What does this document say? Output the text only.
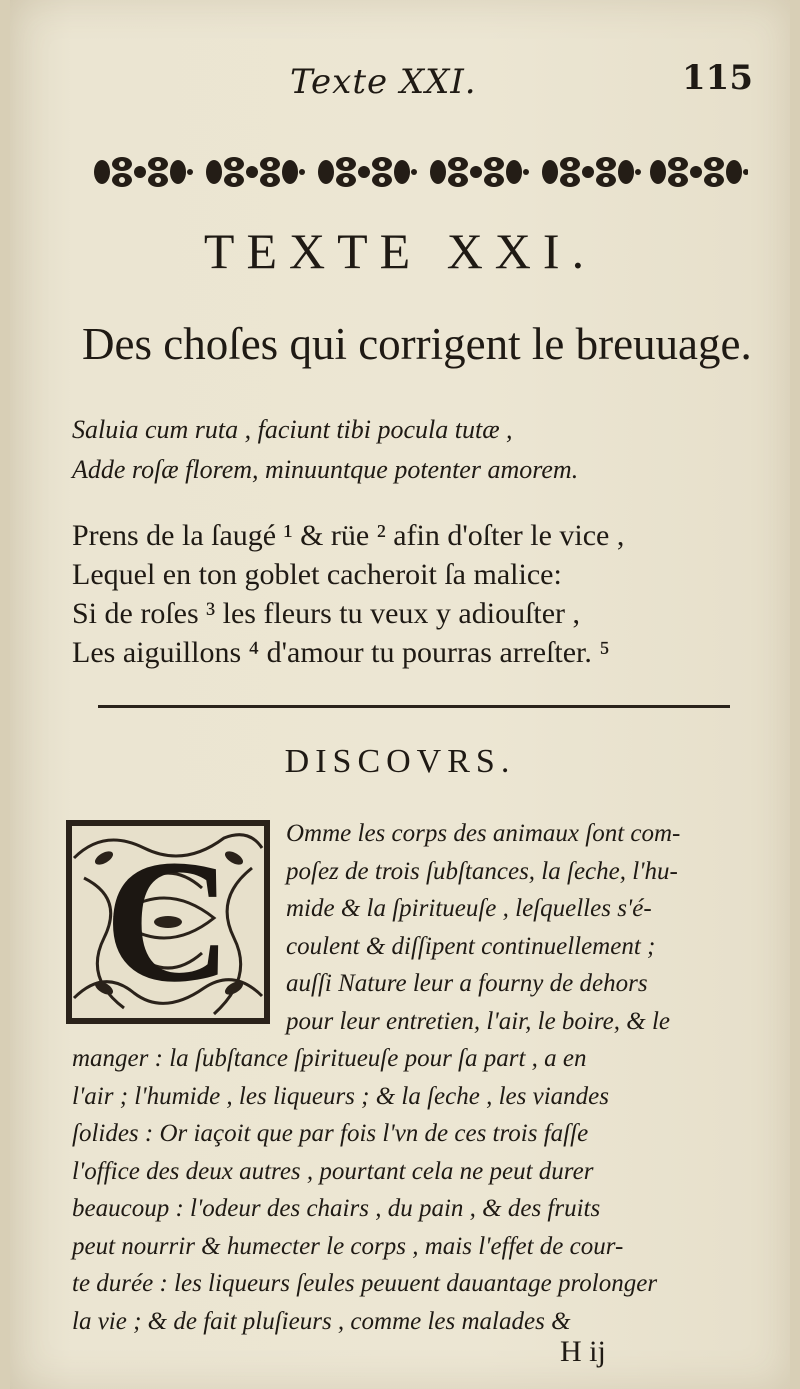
Texte XXI.	115
TEXTE XXI.
Des choſes qui corrigent le breuuage.
Saluia cum ruta , faciunt tibi pocula tutæ ,
Adde roſæ florem, minuuntque potenter amorem.
Prens de la ſaugé ¹ & rüe ² afin d'oſter le vice ,
Lequel en ton goblet cacheroit ſa malice:
Si de roſes ³ les fleurs tu veux y adiouſter ,
Les aiguillons ⁴ d'amour tu pourras arreſter. ⁵
DISCOVRS.
C	Omme les corps des animaux ſont com-
poſez de trois ſubſtances, la ſeche, l'hu-
mide & la ſpiritueuſe , leſquelles s'é-
coulent & diſſipent continuellement ;
auſſi Nature leur a fourny de dehors
pour leur entretien, l'air, le boire, & le
manger : la ſubſtance ſpiritueuſe pour ſa part , a en
l'air ; l'humide , les liqueurs ; & la ſeche , les viandes
ſolides : Or iaçoit que par fois l'vn de ces trois faſſe
l'office des deux autres , pourtant cela ne peut durer
beaucoup : l'odeur des chairs , du pain , & des fruits
peut nourrir & humecter le corps , mais l'effet de cour-
te durée : les liqueurs ſeules peuuent dauantage prolonger
la vie ; & de fait pluſieurs , comme les malades &
H ij
